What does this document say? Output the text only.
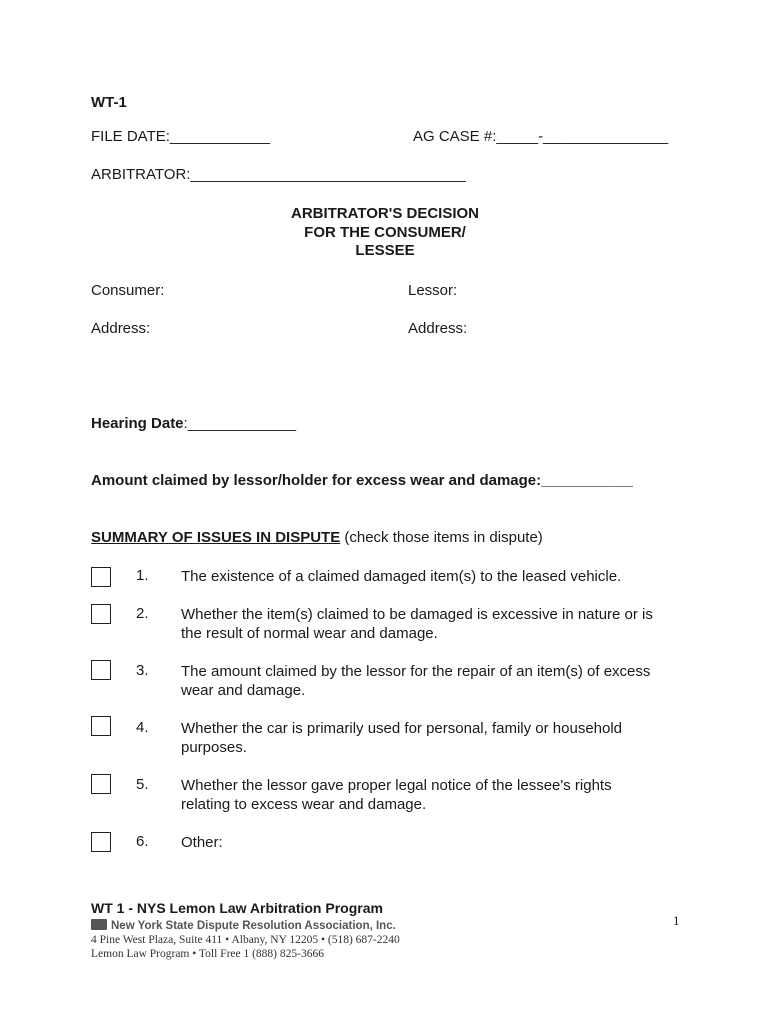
WT-1
FILE DATE:____________	AG CASE #:_____-_______________
ARBITRATOR:_________________________________
ARBITRATOR'S DECISION
FOR THE CONSUMER/
LESSEE
Consumer:	Lessor:
Address:	Address:
Hearing Date:_____________
Amount claimed by lessor/holder for excess wear and damage:___________
SUMMARY OF ISSUES IN DISPUTE (check those items in dispute)
1. The existence of a claimed damaged item(s) to the leased vehicle.
2. Whether the item(s) claimed to be damaged is excessive in nature or is
the result of normal wear and damage.
3. The amount claimed by the lessor for the repair of an item(s) of excess
wear and damage.
4. Whether the car is primarily used for personal, family or household
purposes.
5. Whether the lessor gave proper legal notice of the lessee's rights
relating to excess wear and damage.
6. Other:
WT 1 - NYS Lemon Law Arbitration Program
New York State Dispute Resolution Association, Inc.
4 Pine West Plaza, Suite 411 • Albany, NY 12205 • (518) 687-2240
Lemon Law Program • Toll Free 1 (888) 825-3666
1
